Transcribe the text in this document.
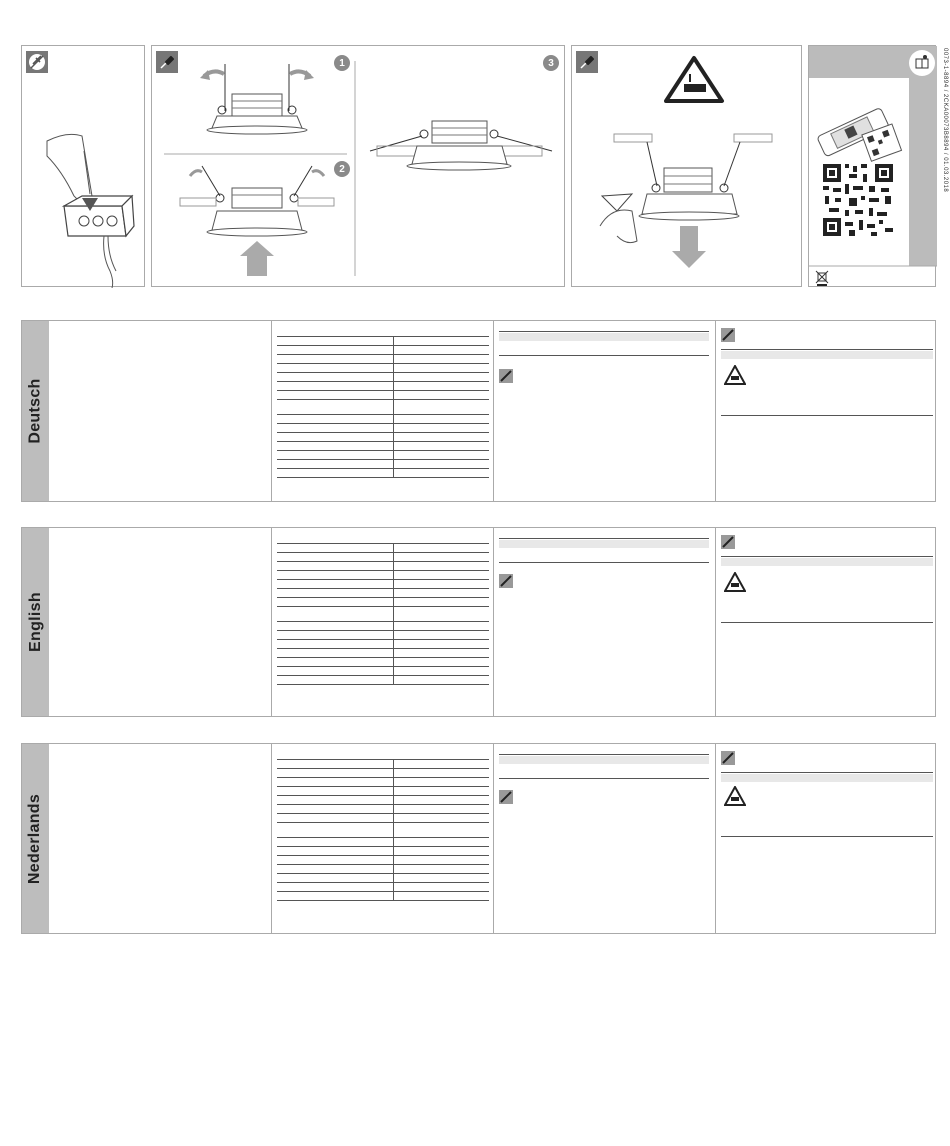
1
2
3	0073-1-8894 / 2CKA00073B8894 / 01.03.2018
Deutsch

English

Nederlands
